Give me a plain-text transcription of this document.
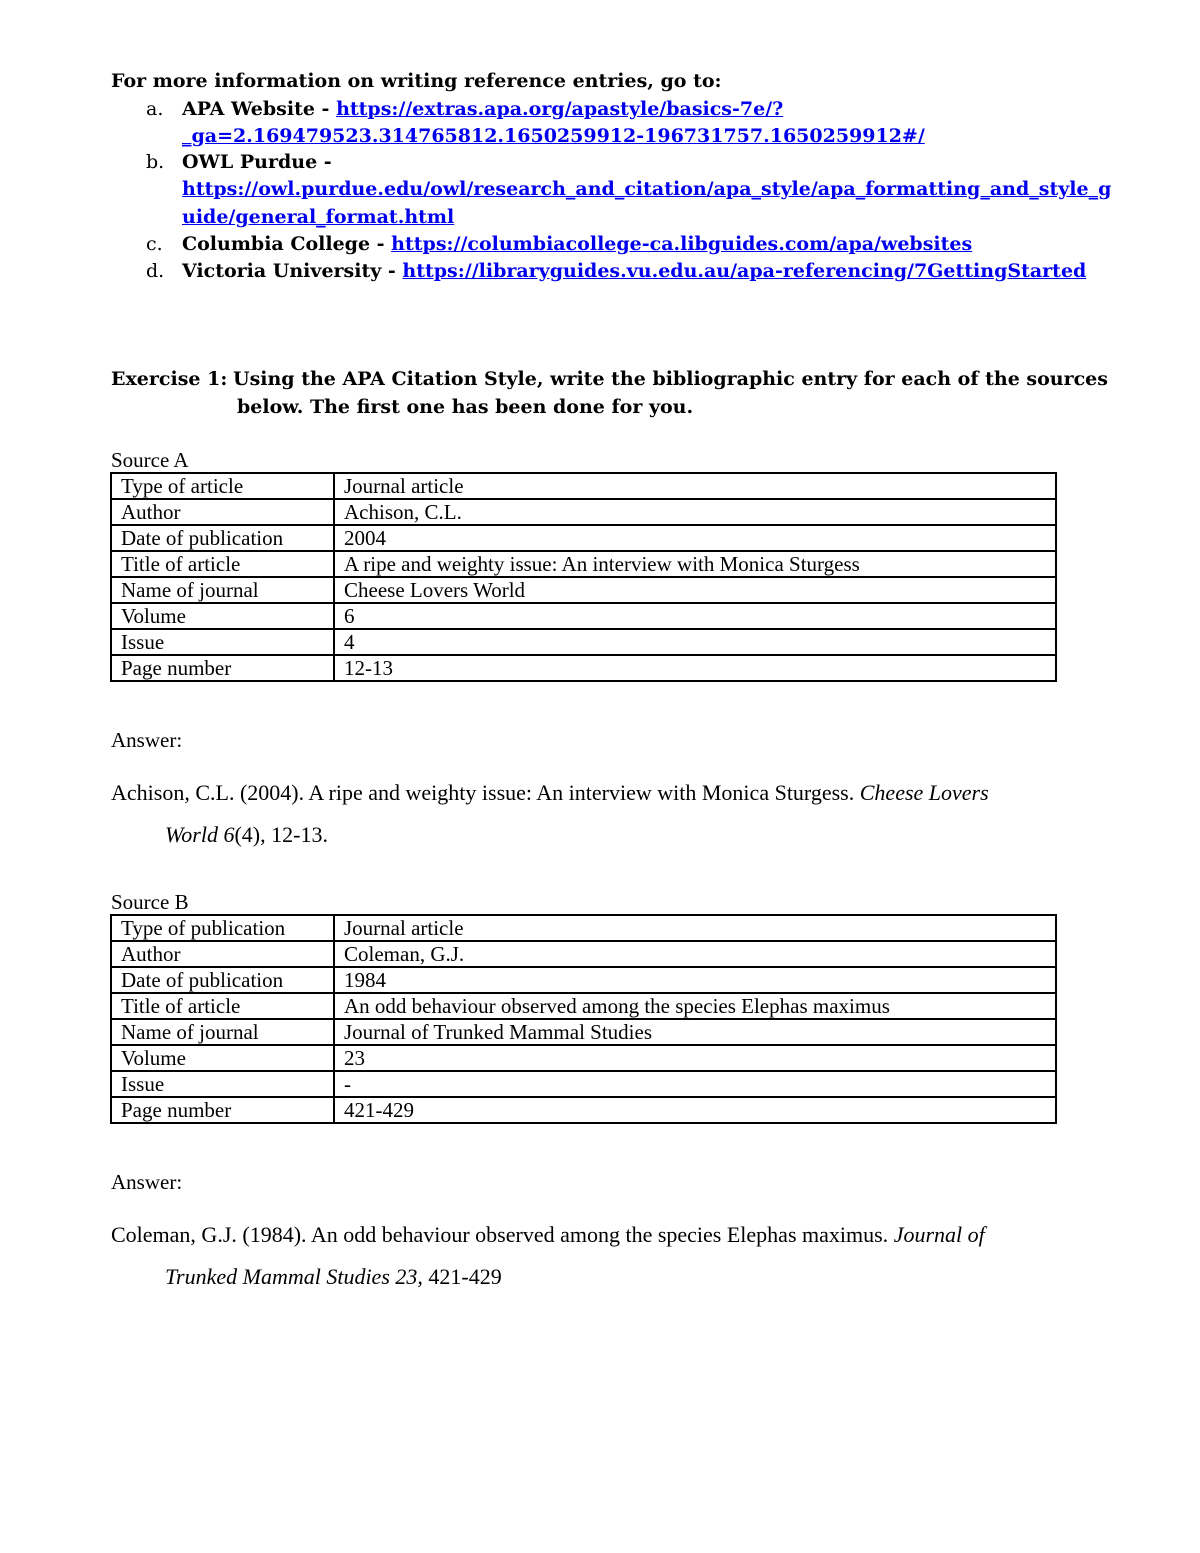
For more information on writing reference entries, go to:
a. APA Website - https://extras.apa.org/apastyle/basics-7e/?
_ga=2.169479523.314765812.1650259912-196731757.1650259912#/
b. OWL Purdue -
https://owl.purdue.edu/owl/research_and_citation/apa_style/apa_formatting_and_style_g
uide/general_format.html
c. Columbia College - https://columbiacollege-ca.libguides.com/apa/websites
d. Victoria University - https://libraryguides.vu.edu.au/apa-referencing/7GettingStarted
Exercise 1: Using the APA Citation Style, write the bibliographic entry for each of the sources
below. The first one has been done for you.
Source A
Type of article	Journal article
Author	Achison, C.L.
Date of publication	2004
Title of article	A ripe and weighty issue: An interview with Monica Sturgess
Name of journal	Cheese Lovers World
Volume	6
Issue	4
Page number	12-13
Answer:
Achison, C.L. (2004). A ripe and weighty issue: An interview with Monica Sturgess. Cheese Lovers
World 6(4), 12-13.
Source B
Type of publication	Journal article
Author	Coleman, G.J.
Date of publication	1984
Title of article	An odd behaviour observed among the species Elephas maximus
Name of journal	Journal of Trunked Mammal Studies
Volume	23
Issue	-
Page number	421-429
Answer:
Coleman, G.J. (1984). An odd behaviour observed among the species Elephas maximus. Journal of
Trunked Mammal Studies 23, 421-429
